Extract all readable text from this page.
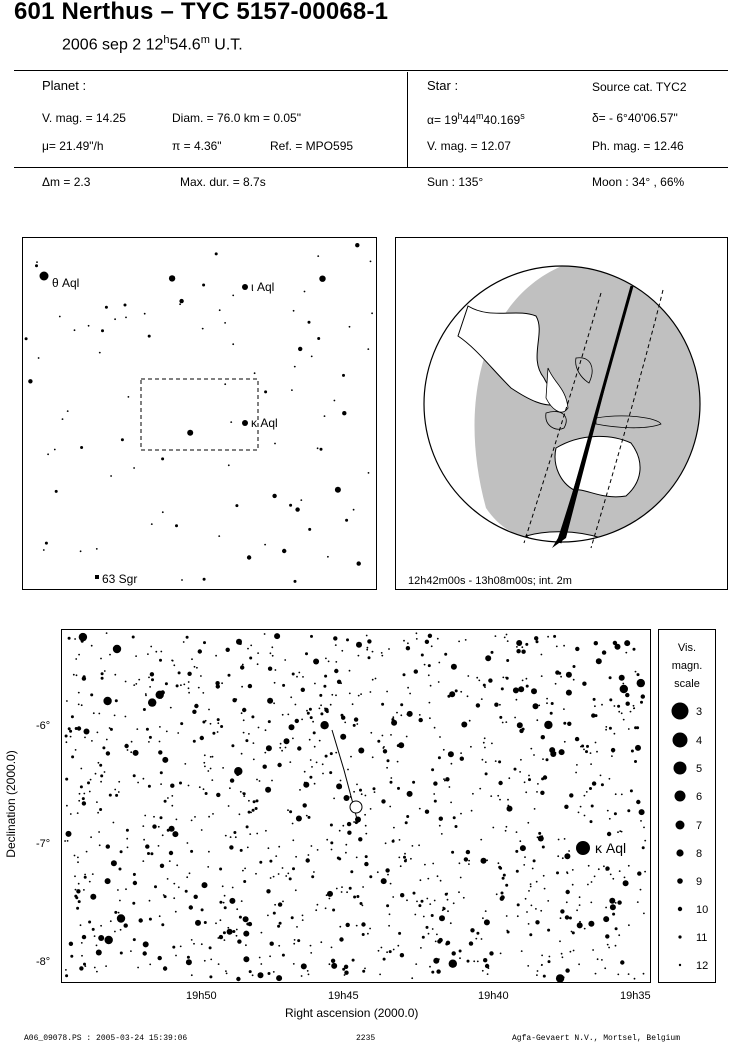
601 Nerthus – TYC 5157-00068-1
2006 sep 2 12$^h$54.6$^m$ U.T.
Planet :
V. mag. = 14.25	Diam. = 76.0 km = 0.05"
μ= 21.49"/h	π = 4.36"	Ref. = MPO595
Star :	Source cat. TYC2
$\alpha= 19^h44^m40.169^s$	δ= - 6°40'06.57"
V. mag. = 12.07	Ph. mag. = 12.46
Δm = 2.3	Max. dur. = 8.7s	Sun : 135°	Moon : 34° , 66%
θ Aql	ι Aql
κ Aql
63 Sgr	12h42m00s - 13h08m00s; int. 2m
κ Aql
-6°
-7°
-8°
19h50	19h45	19h40	19h35
Right ascension (2000.0)
Declination (2000.0)
Vis.
magn.
scale
3
4
5
6
7
8
9
10
11
12
A06_09078.PS : 2005-03-24 15:39:06	2235	Agfa-Gevaert N.V., Mortsel, Belgium
